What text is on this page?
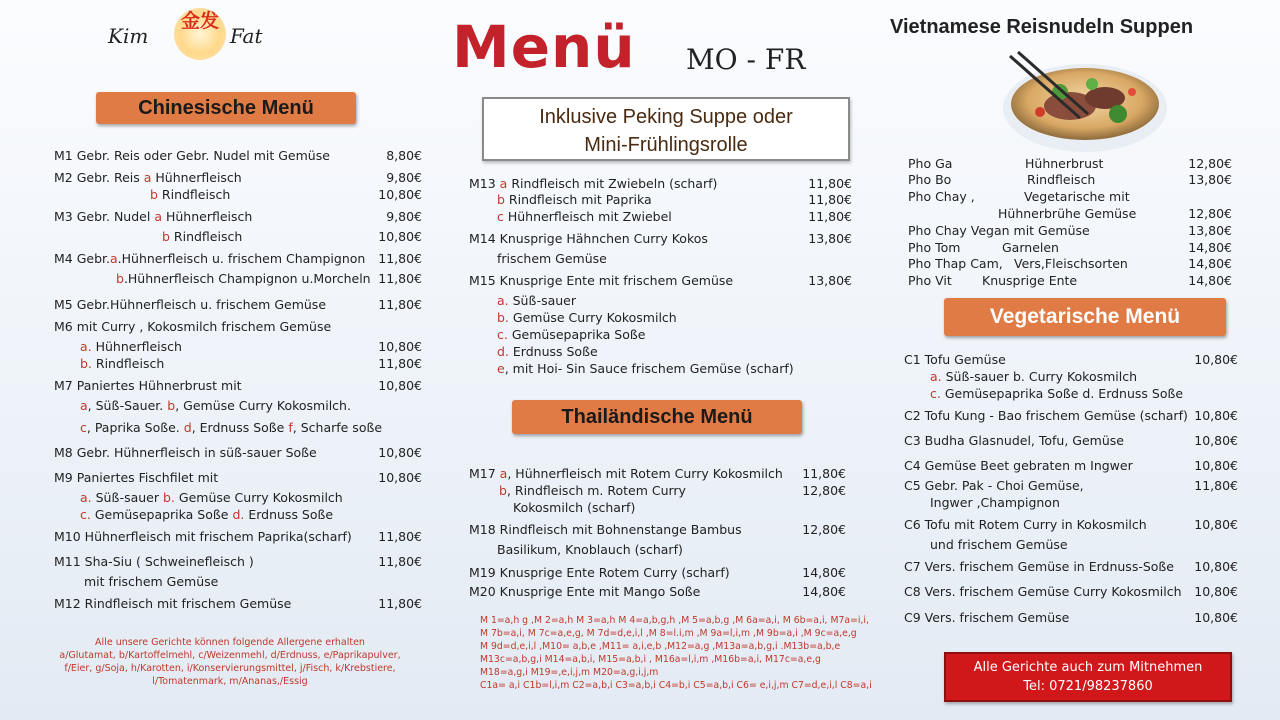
Kim
金发
Fat	Menü MO - FR
Vietnamese Reisnudeln Suppen
Chinesische Menü
Thailändische Menü
Vegetarische Menü
Inklusive Peking Suppe oder
Mini-Frühlingsrolle
M1 Gebr. Reis oder Gebr. Nudel mit Gemüse	8,80€
M2 Gebr. Reis a Hühnerfleisch	9,80€
b Rindfleisch	10,80€
M3 Gebr. Nudel a Hühnerfleisch	9,80€
b Rindfleisch	10,80€
M4 Gebr.a.Hühnerfleisch u. frischem Champignon 11,80€
b.Hühnerfleisch Champignon u.Morcheln 11,80€
M5 Gebr.Hühnerfleisch u. frischem Gemüse	11,80€
M6 mit Curry , Kokosmilch frischem Gemüse
a. Hühnerfleisch	10,80€
b. Rindfleisch	11,80€
M7 Paniertes Hühnerbrust mit	10,80€
a, Süß-Sauer. b, Gemüse Curry Kokosmilch.
c, Paprika Soße. d, Erdnuss Soße f, Scharfe soße
M8 Gebr. Hühnerfleisch in süß-sauer Soße	10,80€
M9 Paniertes Fischfilet mit	10,80€
a. Süß-sauer b. Gemüse Curry Kokosmilch
c. Gemüsepaprika Soße d. Erdnuss Soße
M10 Hühnerfleisch mit frischem Paprika(scharf) 11,80€
M11 Sha-Siu ( Schweinefleisch )	11,80€
mit frischem Gemüse
M12 Rindfleisch mit frischem Gemüse	11,80€
Alle unsere Gerichte können folgende Allergene erhalten
a/Glutamat, b/Kartoffelmehl, c/Weizenmehl, d/Erdnuss, e/Paprikapulver,
f/Eier, g/Soja, h/Karotten, i/Konservierungsmittel, j/Fisch, k/Krebstiere,
l/Tomatenmark, m/Ananas,/Essig
M13 a Rindfleisch mit Zwiebeln (scharf)	11,80€
b Rindfleisch mit Paprika	11,80€
c Hühnerfleisch mit Zwiebel	11,80€
M14 Knusprige Hähnchen Curry Kokos	13,80€
frischem Gemüse
M15 Knusprige Ente mit frischem Gemüse	13,80€
a. Süß-sauer
b. Gemüse Curry Kokosmilch
c. Gemüsepaprika Soße
d. Erdnuss Soße
e, mit Hoi- Sin Sauce frischem Gemüse (scharf)
M17 a, Hühnerfleisch mit Rotem Curry Kokosmilch 11,80€
b, Rindfleisch m. Rotem Curry	12,80€
Kokosmilch (scharf)
M18 Rindfleisch mit Bohnenstange Bambus	12,80€
Basilikum, Knoblauch (scharf)
M19 Knusprige Ente Rotem Curry (scharf)	14,80€
M20 Knusprige Ente mit Mango Soße	14,80€
M 1=a,h g ,M 2=a,h M 3=a,h M 4=a,b,g,h ,M 5=a,b,g ,M 6a=a,i, M 6b=a,i, M7a=i,i,
M 7b=a,i, M 7c=a,e,g, M 7d=d,e,i,l ,M 8=l.i,m ,M 9a=l,i,m ,M 9b=a,i ,M 9c=a,e,g
M 9d=d,e,i,l ,M10= a,b,e ,M11= a,i,e,b ,M12=a,g ,M13a=a,b,g,i .M13b=a,b,e
M13c=a,b,g,i M14=a,b,i, M15=a,b,i , M16a=l,i,m ,M16b=a,i, M17c=a,e,g
M18=a,g,i M19=,e,i,j,m M20=a,g,i,j,m
C1a= a,i C1b=l,i,m C2=a,b,i C3=a,b,i C4=b,i C5=a,b,i C6= e,i,j,m C7=d,e,i,l C8=a,i
Pho Ga	Hühnerbrust	12,80€
Pho Bo	Rindfleisch	13,80€
Pho Chay ,	Vegetarische mit
Hühnerbrühe Gemüse	12,80€
Pho Chay Vegan mit Gemüse	13,80€
Pho Tom	Garnelen	14,80€
Pho Thap Cam, Vers,Fleischsorten	14,80€
Pho Vit Knusprige Ente	14,80€
C1 Tofu Gemüse	10,80€
a. Süß-sauer b. Curry Kokosmilch
c. Gemüsepaprika Soße d. Erdnuss Soße
C2 Tofu Kung - Bao frischem Gemüse (scharf) 10,80€
C3 Budha Glasnudel, Tofu, Gemüse	10,80€
C4 Gemüse Beet gebraten m Ingwer	10,80€
C5 Gebr. Pak - Choi Gemüse,	11,80€
Ingwer ,Champignon
C6 Tofu mit Rotem Curry in Kokosmilch	10,80€
und frischem Gemüse
C7 Vers. frischem Gemüse in Erdnuss-Soße 10,80€
C8 Vers. frischem Gemüse Curry Kokosmilch 10,80€
C9 Vers. frischem Gemüse	10,80€
Alle Gerichte auch zum Mitnehmen
Tel: 0721/98237860
